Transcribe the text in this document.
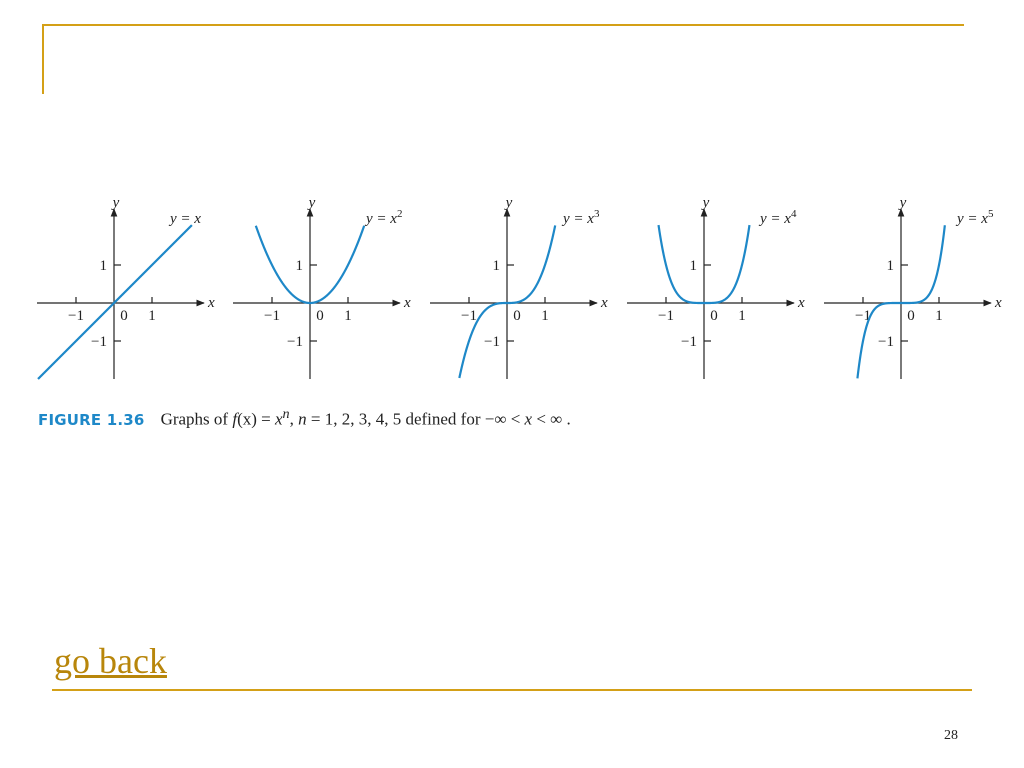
−1 0 1
1
−1
x
y
y = x
−1 0 1
1
−1
x
y
$y = x^2$
−1 0 1
1
−1
x
y
$y = x^3$
−1 0 1
1
−1
x
y
$y = x^4$
−1 0 1
1
−1
x
y
$y = x^5$
FIGURE 1.36 Graphs of $f(x) = x^n$, n = 1, 2, 3, 4, 5 defined for −∞ < x < ∞ .
go back
28
